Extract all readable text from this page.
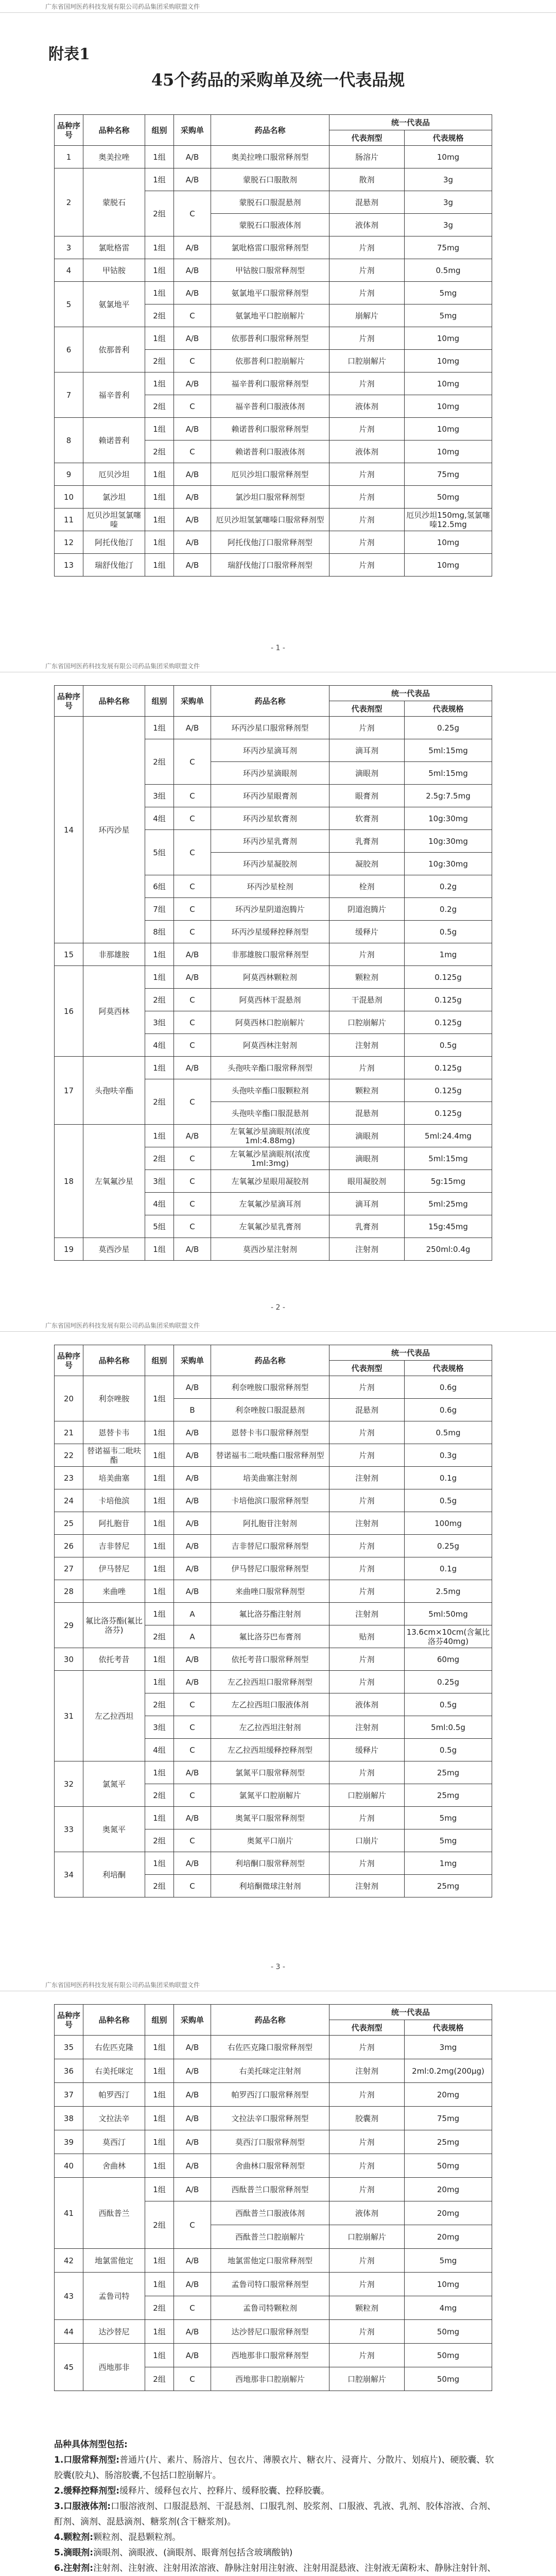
广东省国珂医药科技发展有限公司药品集团采购联盟文件
附表1
45个药品的采购单及统一代表品规
品种序号	品种名称	组别	采购单	药品名称	统一代表品	
					代表剂型	代表规格
1	奥美拉唑	1组	A/B	奥美拉唑口服常释剂型	肠溶片	10mg
2	蒙脱石	1组	A/B	蒙脱石口服散剂	散剂	3g
		2组	C	蒙脱石口服混悬剂	混悬剂	3g
				蒙脱石口服液体剂	液体剂	3g
3	氯吡格雷	1组	A/B	氯吡格雷口服常释剂型	片剂	75mg
4	甲钴胺	1组	A/B	甲钴胺口服常释剂型	片剂	0.5mg
5	氨氯地平	1组	A/B	氨氯地平口服常释剂型	片剂	5mg
		2组	C	氨氯地平口腔崩解片	崩解片	5mg
6	依那普利	1组	A/B	依那普利口服常释剂型	片剂	10mg
		2组	C	依那普利口腔崩解片	口腔崩解片	10mg
7	福辛普利	1组	A/B	福辛普利口服常释剂型	片剂	10mg
		2组	C	福辛普利口服液体剂	液体剂	10mg
8	赖诺普利	1组	A/B	赖诺普利口服常释剂型	片剂	10mg
		2组	C	赖诺普利口服液体剂	液体剂	10mg
9	厄贝沙坦	1组	A/B	厄贝沙坦口服常释剂型	片剂	75mg
10	氯沙坦	1组	A/B	氯沙坦口服常释剂型	片剂	50mg
11	厄贝沙坦氢氯噻嗪	1组	A/B	厄贝沙坦氢氯噻嗪口服常释剂型	片剂	厄贝沙坦150mg,氢氯噻嗪12.5mg
12	阿托伐他汀	1组	A/B	阿托伐他汀口服常释剂型	片剂	10mg
13	瑞舒伐他汀	1组	A/B	瑞舒伐他汀口服常释剂型	片剂	10mg
- 1 -
广东省国珂医药科技发展有限公司药品集团采购联盟文件
品种序号	品种名称	组别	采购单	药品名称	统一代表品	
					代表剂型	代表规格
14	环丙沙星	1组	A/B	环丙沙星口服常释剂型	片剂	0.25g
		2组	C	环丙沙星滴耳剂	滴耳剂	5ml:15mg
				环丙沙星滴眼剂	滴眼剂	5ml:15mg
		3组	C	环丙沙星眼膏剂	眼膏剂	2.5g:7.5mg
		4组	C	环丙沙星软膏剂	软膏剂	10g:30mg
		5组	C	环丙沙星乳膏剂	乳膏剂	10g:30mg
				环丙沙星凝胶剂	凝胶剂	10g:30mg
		6组	C	环丙沙星栓剂	栓剂	0.2g
		7组	C	环丙沙星阴道泡腾片	阴道泡腾片	0.2g
		8组	C	环丙沙星缓释控释剂型	缓释片	0.5g
15	非那雄胺	1组	A/B	非那雄胺口服常释剂型	片剂	1mg
16	阿莫西林	1组	A/B	阿莫西林颗粒剂	颗粒剂	0.125g
		2组	C	阿莫西林干混悬剂	干混悬剂	0.125g
		3组	C	阿莫西林口腔崩解片	口腔崩解片	0.125g
		4组	C	阿莫西林注射剂	注射剂	0.5g
17	头孢呋辛酯	1组	A/B	头孢呋辛酯口服常释剂型	片剂	0.125g
		2组	C	头孢呋辛酯口服颗粒剂	颗粒剂	0.125g
				头孢呋辛酯口服混悬剂	混悬剂	0.125g
18	左氧氟沙星	1组	A/B	左氧氟沙星滴眼剂(浓度1ml:4.88mg)	滴眼剂	5ml:24.4mg
		2组	C	左氧氟沙星滴眼剂(浓度1ml:3mg)	滴眼剂	5ml:15mg
		3组	C	左氧氟沙星眼用凝胶剂	眼用凝胶剂	5g:15mg
		4组	C	左氧氟沙星滴耳剂	滴耳剂	5ml:25mg
		5组	C	左氧氟沙星乳膏剂	乳膏剂	15g:45mg
19	莫西沙星	1组	A/B	莫西沙星注射剂	注射剂	250ml:0.4g
- 2 -
广东省国珂医药科技发展有限公司药品集团采购联盟文件
品种序号	品种名称	组别	采购单	药品名称	统一代表品	
					代表剂型	代表规格
20	利奈唑胺	1组	A/B	利奈唑胺口服常释剂型	片剂	0.6g
			B	利奈唑胺口服混悬剂	混悬剂	0.6g
21	恩替卡韦	1组	A/B	恩替卡韦口服常释剂型	片剂	0.5mg
22	替诺福韦二吡呋酯	1组	A/B	替诺福韦二吡呋酯口服常释剂型	片剂	0.3g
23	培美曲塞	1组	A/B	培美曲塞注射剂	注射剂	0.1g
24	卡培他滨	1组	A/B	卡培他滨口服常释剂型	片剂	0.5g
25	阿扎胞苷	1组	A/B	阿扎胞苷注射剂	注射剂	100mg
26	吉非替尼	1组	A/B	吉非替尼口服常释剂型	片剂	0.25g
27	伊马替尼	1组	A/B	伊马替尼口服常释剂型	片剂	0.1g
28	来曲唑	1组	A/B	来曲唑口服常释剂型	片剂	2.5mg
29	氟比洛芬酯(氟比洛芬)	1组	A	氟比洛芬酯注射剂	注射剂	5ml:50mg
		2组	A	氟比洛芬巴布膏剂	贴剂	13.6cm×10cm(含氟比洛芬40mg)
30	依托考昔	1组	A/B	依托考昔口服常释剂型	片剂	60mg
31	左乙拉西坦	1组	A/B	左乙拉西坦口服常释剂型	片剂	0.25g
		2组	C	左乙拉西坦口服液体剂	液体剂	0.5g
		3组	C	左乙拉西坦注射剂	注射剂	5ml:0.5g
		4组	C	左乙拉西坦缓释控释剂型	缓释片	0.5g
32	氯氮平	1组	A/B	氯氮平口服常释剂型	片剂	25mg
		2组	C	氯氮平口腔崩解片	口腔崩解片	25mg
33	奥氮平	1组	A/B	奥氮平口服常释剂型	片剂	5mg
		2组	C	奥氮平口崩片	口崩片	5mg
34	利培酮	1组	A/B	利培酮口服常释剂型	片剂	1mg
		2组	C	利培酮微球注射剂	注射剂	25mg
- 3 -
广东省国珂医药科技发展有限公司药品集团采购联盟文件
品种序号	品种名称	组别	采购单	药品名称	统一代表品	
					代表剂型	代表规格
35	右佐匹克隆	1组	A/B	右佐匹克隆口服常释剂型	片剂	3mg
36	右美托咪定	1组	A/B	右美托咪定注射剂	注射剂	2ml:0.2mg(200μg)
37	帕罗西汀	1组	A/B	帕罗西汀口服常释剂型	片剂	20mg
38	文拉法辛	1组	A/B	文拉法辛口服常释剂型	胶囊剂	75mg
39	莫西汀	1组	A/B	莫西汀口服常释剂型	片剂	25mg
40	舍曲林	1组	A/B	舍曲林口服常释剂型	片剂	50mg
41	西酞普兰	1组	A/B	西酞普兰口服常释剂型	片剂	20mg
		2组	C	西酞普兰口服液体剂	液体剂	20mg
				西酞普兰口腔崩解片	口腔崩解片	20mg
42	地氯雷他定	1组	A/B	地氯雷他定口服常释剂型	片剂	5mg
43	孟鲁司特	1组	A/B	孟鲁司特口服常释剂型	片剂	10mg
		2组	C	孟鲁司特颗粒剂	颗粒剂	4mg
44	达沙替尼	1组	A/B	达沙替尼口服常释剂型	片剂	50mg
45	西地那非	1组	A/B	西地那非口服常释剂型	片剂	50mg
		2组	C	西地那非口腔崩解片	口腔崩解片	50mg

品种具体剂型包括:

1.口服常释剂型:普通片(片、素片、肠溶片、包衣片、薄膜衣片、糖衣片、浸膏片、分散片、划痕片)、硬胶囊、软胶囊(胶丸)、肠溶胶囊,不包括口腔崩解片。

2.缓释控释剂型:缓释片、缓释包衣片、控释片、缓释胶囊、控释胶囊。

3.口服液体剂:口服溶液剂、口服混悬剂、干混悬剂、口服乳剂、胶浆剂、口服液、乳液、乳剂、胶体溶液、合剂、酊剂、滴剂、混悬滴剂、糖浆剂(含干糖浆剂)。

4.颗粒剂:颗粒剂、混悬颗粒剂。

5.滴眼剂:滴眼剂、滴眼液、(滴眼剂、眼膏剂包括含玻璃酸钠)

6.注射剂:注射剂、注射液、注射用浓溶液、静脉注射用注射液、注射用混悬液、注射液无菌粉末、静脉注射针剂、
